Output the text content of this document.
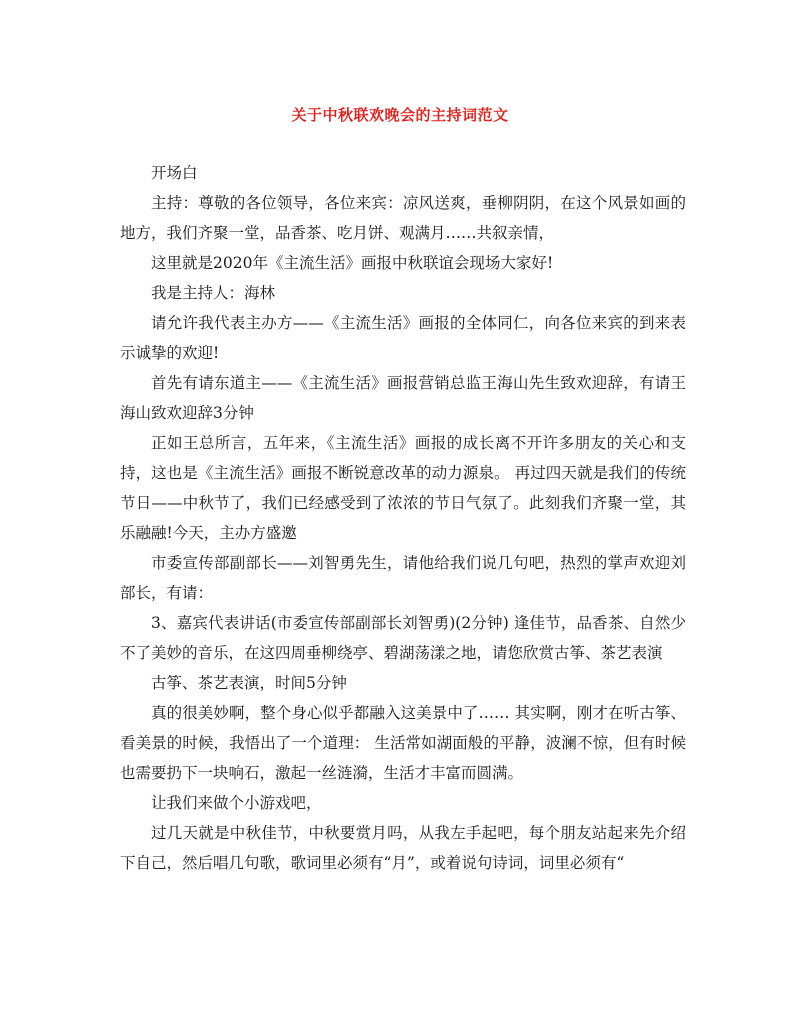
关于中秋联欢晚会的主持词范文

开场白

主持：尊敬的各位领导，各位来宾：凉风送爽，垂柳阴阴，在这个风景如画的地方，我们齐聚一堂，品香茶、吃月饼、观满月……共叙亲情，

这里就是2020年《主流生活》画报中秋联谊会现场大家好!

我是主持人：海林

请允许我代表主办方——《主流生活》画报的全体同仁，向各位来宾的到来表示诚挚的欢迎!

首先有请东道主——《主流生活》画报营销总监王海山先生致欢迎辞，有请王海山致欢迎辞3分钟

正如王总所言，五年来，《主流生活》画报的成长离不开许多朋友的关心和支持，这也是《主流生活》画报不断锐意改革的动力源泉。 再过四天就是我们的传统节日——中秋节了，我们已经感受到了浓浓的节日气氛了。此刻我们齐聚一堂，其乐融融!今天，主办方盛邀

市委宣传部副部长——刘智勇先生，请他给我们说几句吧，热烈的掌声欢迎刘部长，有请：

3、嘉宾代表讲话(市委宣传部副部长刘智勇)(2分钟) 逢佳节，品香茶、自然少不了美妙的音乐，在这四周垂柳绕亭、碧湖荡漾之地，请您欣赏古筝、茶艺表演

古筝、茶艺表演，时间5分钟

真的很美妙啊，整个身心似乎都融入这美景中了…… 其实啊，刚才在听古筝、看美景的时候，我悟出了一个道理： 生活常如湖面般的平静，波澜不惊，但有时候也需要扔下一块响石，激起一丝涟漪，生活才丰富而圆满。

让我们来做个小游戏吧，

过几天就是中秋佳节，中秋要赏月吗，从我左手起吧，每个朋友站起来先介绍下自己，然后唱几句歌，歌词里必须有“月”，或着说句诗词，词里必须有“
